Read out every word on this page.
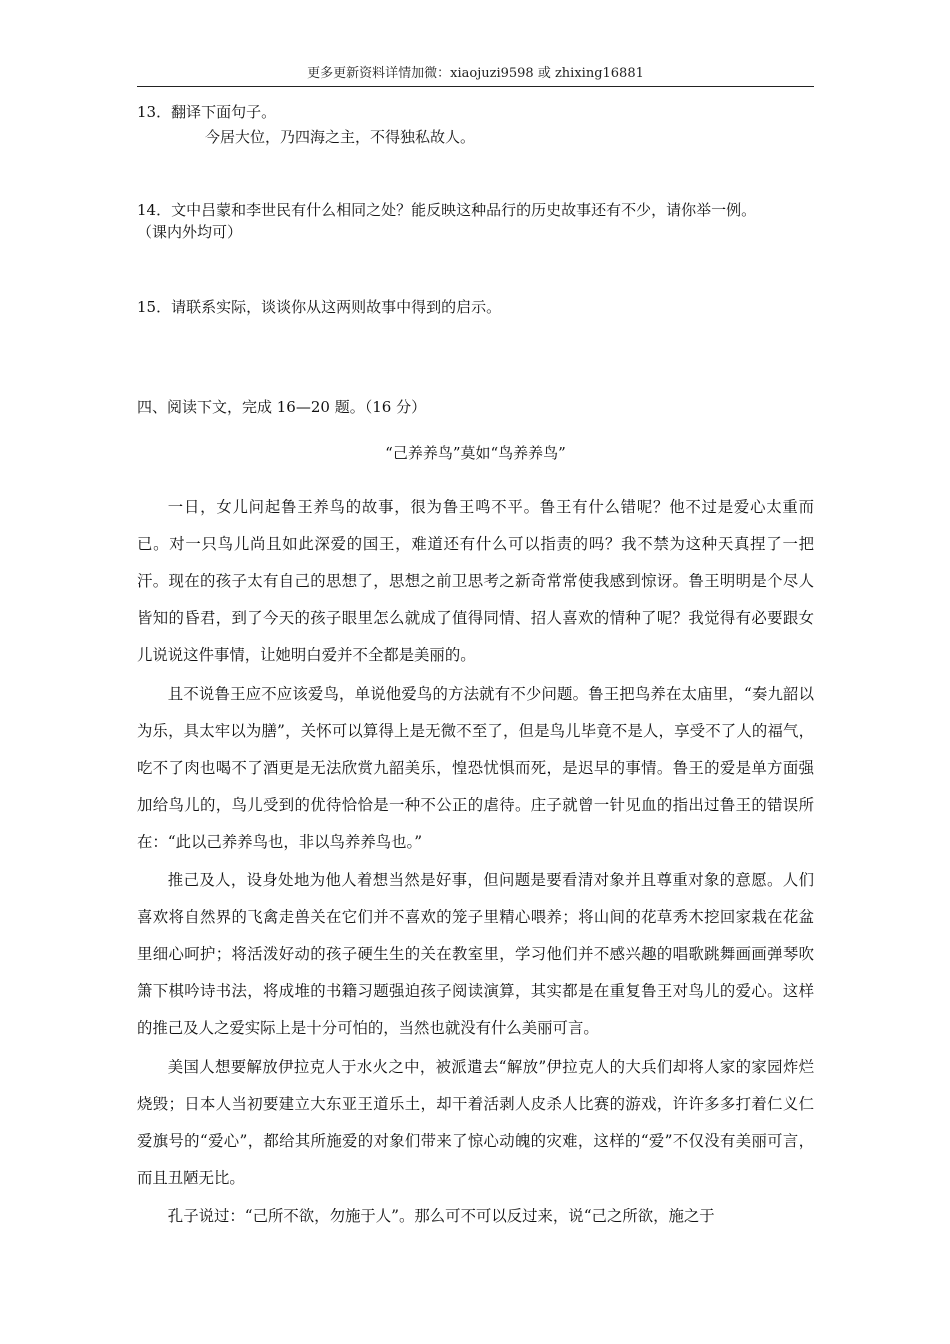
更多更新资料详情加微：xiaojuzi9598 或 zhixing16881
13．翻译下面句子。
今居大位，乃四海之主，不得独私故人。
14．文中吕蒙和李世民有什么相同之处？能反映这种品行的历史故事还有不少，请你举一例。
（课内外均可）
15．请联系实际，谈谈你从这两则故事中得到的启示。
四、阅读下文，完成 16—20 题。（16 分）
“己养养鸟”莫如“鸟养养鸟”
一日，女儿问起鲁王养鸟的故事，很为鲁王鸣不平。鲁王有什么错呢？他不过是爱心太重而已。对一只鸟儿尚且如此深爱的国王，难道还有什么可以指责的吗？我不禁为这种天真捏了一把汗。现在的孩子太有自己的思想了，思想之前卫思考之新奇常常使我感到惊讶。鲁王明明是个尽人皆知的昏君，到了今天的孩子眼里怎么就成了值得同情、招人喜欢的情种了呢？我觉得有必要跟女儿说说这件事情，让她明白爱并不全都是美丽的。
且不说鲁王应不应该爱鸟，单说他爱鸟的方法就有不少问题。鲁王把鸟养在太庙里，“奏九韶以为乐，具太牢以为膳”，关怀可以算得上是无微不至了，但是鸟儿毕竟不是人，享受不了人的福气，吃不了肉也喝不了酒更是无法欣赏九韶美乐，惶恐忧惧而死，是迟早的事情。鲁王的爱是单方面强加给鸟儿的，鸟儿受到的优待恰恰是一种不公正的虐待。庄子就曾一针见血的指出过鲁王的错误所在：“此以己养养鸟也，非以鸟养养鸟也。”
推己及人，设身处地为他人着想当然是好事，但问题是要看清对象并且尊重对象的意愿。人们喜欢将自然界的飞禽走兽关在它们并不喜欢的笼子里精心喂养；将山间的花草秀木挖回家栽在花盆里细心呵护；将活泼好动的孩子硬生生的关在教室里，学习他们并不感兴趣的唱歌跳舞画画弹琴吹箫下棋吟诗书法，将成堆的书籍习题强迫孩子阅读演算，其实都是在重复鲁王对鸟儿的爱心。这样的推己及人之爱实际上是十分可怕的，当然也就没有什么美丽可言。
美国人想要解放伊拉克人于水火之中，被派遣去“解放”伊拉克人的大兵们却将人家的家园炸烂烧毁；日本人当初要建立大东亚王道乐土，却干着活剥人皮杀人比赛的游戏，许许多多打着仁义仁爱旗号的“爱心”，都给其所施爱的对象们带来了惊心动魄的灾难，这样的“爱”不仅没有美丽可言，而且丑陋无比。
孔子说过：“己所不欲，勿施于人”。那么可不可以反过来，说“己之所欲，施之于
